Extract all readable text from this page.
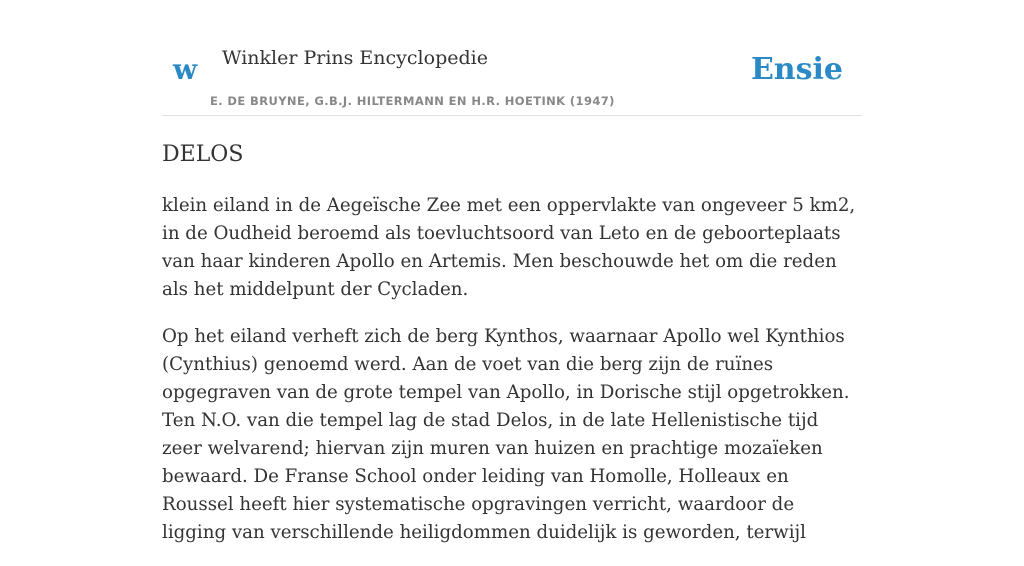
w Winkler Prins Encyclopedie
E. DE BRUYNE, G.B.J. HILTERMANN EN H.R. HOETINK (1947)
Ensie
DELOS

klein eiland in de Aegeïsche Zee met een oppervlakte van ongeveer 5 km2, in de Oudheid beroemd als toevluchtsoord van Leto en de geboorteplaats van haar kinderen Apollo en Artemis. Men beschouwde het om die reden als het middelpunt der Cycladen.

Op het eiland verheft zich de berg Kynthos, waarnaar Apollo wel Kynthios (Cynthius) genoemd werd. Aan de voet van die berg zijn de ruïnes opgegraven van de grote tempel van Apollo, in Dorische stijl opgetrokken. Ten N.O. van die tempel lag de stad Delos, in de late Hellenistische tijd zeer welvarend; hiervan zijn muren van huizen en prachtige mozaïeken bewaard. De Franse School onder leiding van Homolle, Holleaux en Roussel heeft hier systematische opgravingen verricht, waardoor de ligging van verschillende heiligdommen duidelijk is geworden, terwijl
